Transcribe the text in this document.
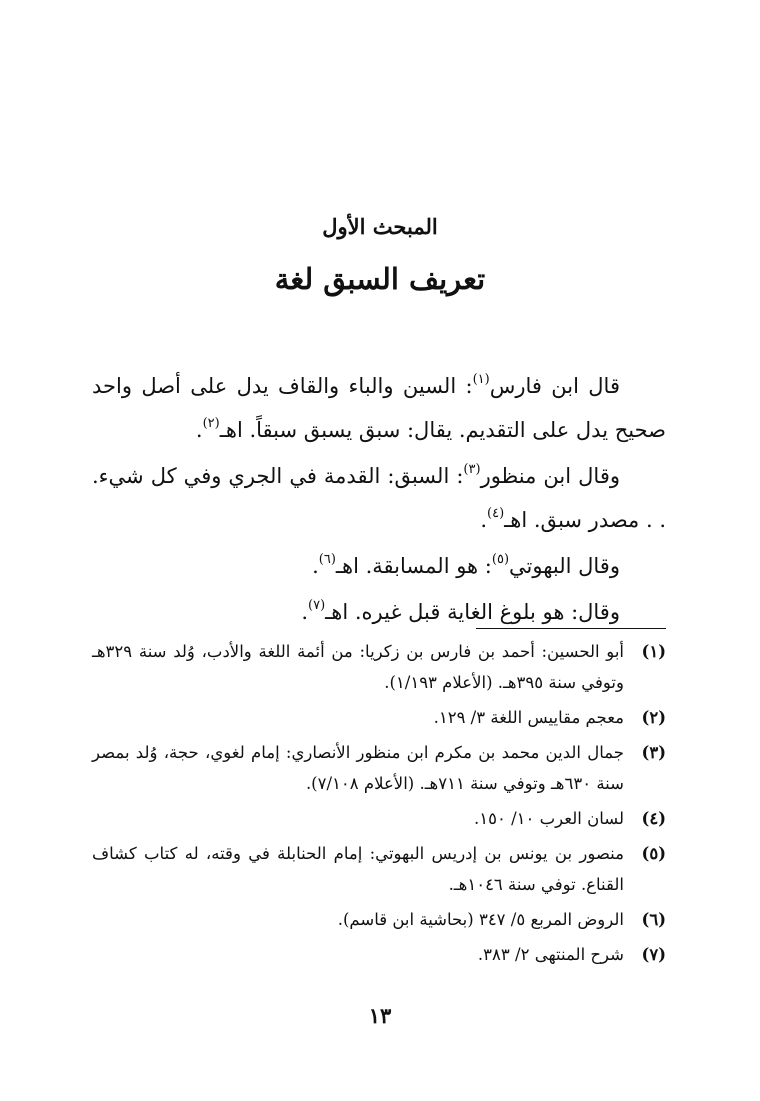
المبحث الأول
تعريف السبق لغة

قال ابن فارس$^{(١)}$: السين والباء والقاف يدل على أصل واحد صحيح يدل على التقديم. يقال: سبق يسبق سبقاً. اهـ$^{(٢)}$.

وقال ابن منظور$^{(٣)}$: السبق: القدمة في الجري وفي كل شيء. . . مصدر سبق. اهـ$^{(٤)}$.

وقال البهوتي$^{(٥)}$: هو المسابقة. اهـ$^{(٦)}$.

وقال: هو بلوغ الغاية قبل غيره. اهـ$^{(٧)}$.

(١)
أبو الحسين: أحمد بن فارس بن زكريا: من أئمة اللغة والأدب، وُلد سنة ٣٢٩هـ وتوفي سنة ٣٩٥هـ. (الأعلام ١/١٩٣).
(٢)
معجم مقاييس اللغة ٣/ ١٢٩.
(٣)
جمال الدين محمد بن مكرم ابن منظور الأنصاري: إمام لغوي، حجة، وُلد بمصر سنة ٦٣٠هـ وتوفي سنة ٧١١هـ. (الأعلام ٧/١٠٨).
(٤)
لسان العرب ١٠/ ١٥٠.
(٥)
منصور بن يونس بن إدريس البهوتي: إمام الحنابلة في وقته، له كتاب كشاف القناع. توفي سنة ١٠٤٦هـ.
(٦)
الروض المربع ٥/ ٣٤٧ (بحاشية ابن قاسم).
(٧)
شرح المنتهى ٢/ ٣٨٣.
١٣
